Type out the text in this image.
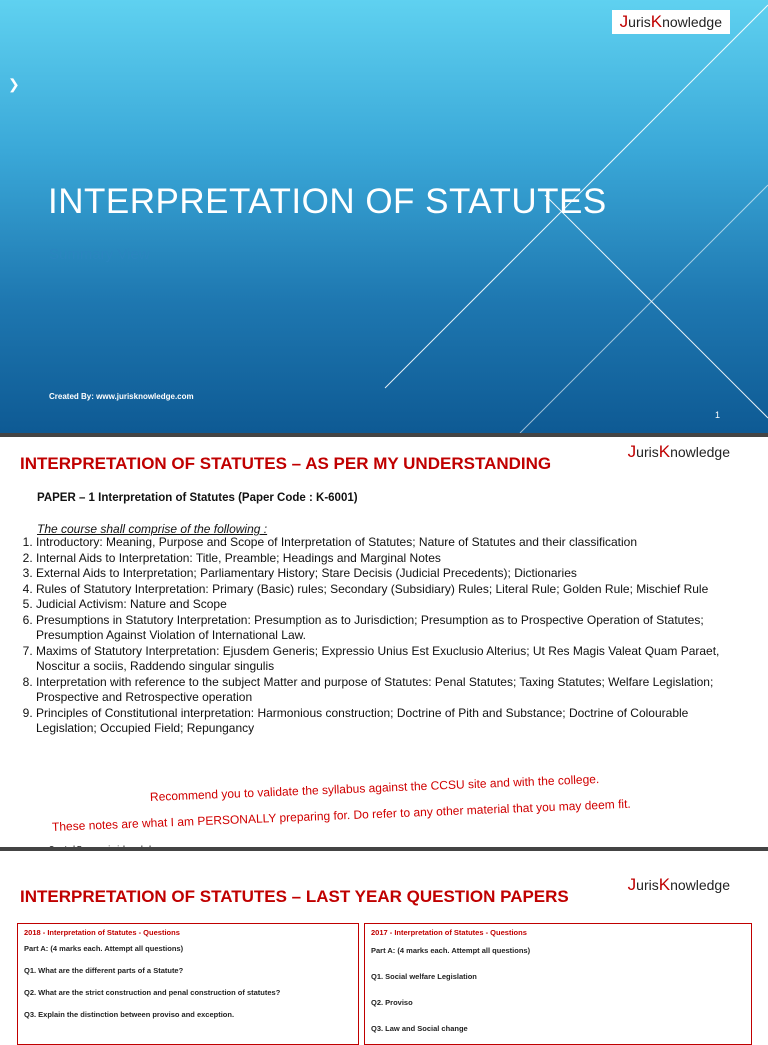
JurisKnowledge
❯
INTERPRETATION OF STATUTES
Summary View
Created By: www.jurisknowledge.com
1
INTERPRETATION OF STATUTES – AS PER MY UNDERSTANDING
JurisKnowledge
PAPER – 1 Interpretation of Statutes (Paper Code : K-6001)
The course shall comprise of the following :
1. Introductory: Meaning, Purpose and Scope of Interpretation of Statutes; Nature of Statutes and their classification
2. Internal Aids to Interpretation: Title, Preamble; Headings and Marginal Notes
3. External Aids to Interpretation; Parliamentary History; Stare Decisis (Judicial Precedents); Dictionaries
4. Rules of Statutory Interpretation: Primary (Basic) rules; Secondary (Subsidiary) Rules; Literal Rule; Golden Rule; Mischief Rule
5. Judicial Activism: Nature and Scope
6. Presumptions in Statutory Interpretation: Presumption as to Jurisdiction; Presumption as to Prospective Operation of Statutes; Presumption Against Violation of International Law.
7. Maxims of Statutory Interpretation: Ejusdem Generis; Expressio Unius Est Exuclusio Alterius; Ut Res Magis Valeat Quam Paraet, Noscitur a sociis, Raddendo singular singulis
8. Interpretation with reference to the subject Matter and purpose of Statutes: Penal Statutes; Taxing Statutes; Welfare Legislation; Prospective and Retrospective operation
9. Principles of Constitutional interpretation: Harmonious construction; Doctrine of Pith and Substance; Doctrine of Colourable Legislation; Occupied Field; Repungancy
Recommend you to validate the syllabus against the CCSU site and with the college.
These notes are what I am PERSONALLY preparing for. Do refer to any other material that you may deem fit.
INTERPRETATION OF STATUTES – LAST YEAR QUESTION PAPERS
JurisKnowledge
2018 - Interpretation of Statutes - Questions
Part A: (4 marks each. Attempt all questions)
Q1. What are the different parts of a Statute?
Q2. What are the strict construction and penal construction of statutes?
Q3. Explain the distinction between proviso and exception.
2017 - Interpretation of Statutes - Questions
Part A: (4 marks each. Attempt all questions)
Q1. Social welfare Legislation
Q2. Proviso
Q3. Law and Social change
